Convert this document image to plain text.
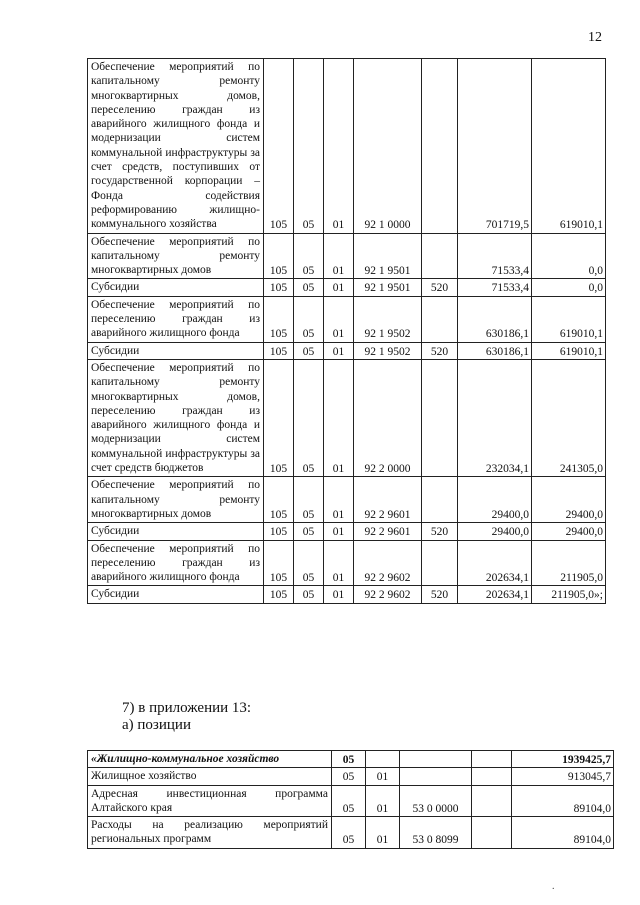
12
Обеспечение мероприятий по капитальному ремонту многоквартирных домов, переселению граждан из аварийного жилищного фонда и модернизации систем коммунальной инфраструктуры за счет средств, поступивших от государственной корпорации – Фонда содействия реформированию жилищно-коммунального хозяйства	105	05	01	92 1 0000		701719,5	619010,1
Обеспечение мероприятий по капитальному ремонту многоквартирных домов	105	05	01	92 1 9501		71533,4	0,0
Субсидии	105	05	01	92 1 9501	520	71533,4	0,0
Обеспечение мероприятий по переселению граждан из аварийного жилищного фонда	105	05	01	92 1 9502		630186,1	619010,1
Субсидии	105	05	01	92 1 9502	520	630186,1	619010,1
Обеспечение мероприятий по капитальному ремонту многоквартирных домов, переселению граждан из аварийного жилищного фонда и модернизации систем коммунальной инфраструктуры за счет средств бюджетов	105	05	01	92 2 0000		232034,1	241305,0
Обеспечение мероприятий по капитальному ремонту многоквартирных домов	105	05	01	92 2 9601		29400,0	29400,0
Субсидии	105	05	01	92 2 9601	520	29400,0	29400,0
Обеспечение мероприятий по переселению граждан из аварийного жилищного фонда	105	05	01	92 2 9602		202634,1	211905,0
Субсидии	105	05	01	92 2 9602	520	202634,1	211905,0»;
7) в приложении 13:
а) позиции
«Жилищно-коммунальное хозяйство	05				1939425,7
Жилищное хозяйство	05	01			913045,7
Адресная инвестиционная программа Алтайского края	05	01	53 0 0000		89104,0
Расходы на реализацию мероприятий региональных программ	05	01	53 0 8099		89104,0
.
